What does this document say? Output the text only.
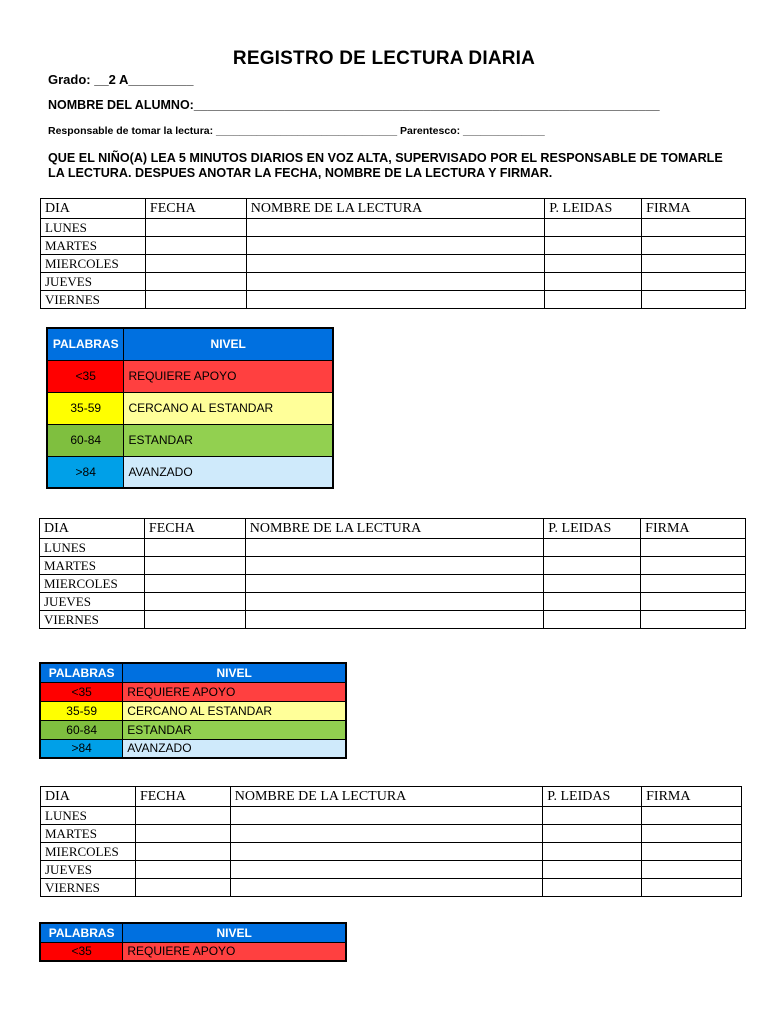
REGISTRO DE LECTURA DIARIA
Grado: __2 A_________
NOMBRE DEL ALUMNO:___________________________________________________________________
Responsable de tomar la lectura: _______________________________ Parentesco: ______________
QUE EL NIÑO(A) LEA 5 MINUTOS DIARIOS EN VOZ ALTA, SUPERVISADO POR EL RESPONSABLE DE TOMARLE LA LECTURA. DESPUES ANOTAR LA FECHA, NOMBRE DE LA LECTURA Y FIRMAR.
DIA	FECHA	NOMBRE DE LA LECTURA	P. LEIDAS	FIRMA
LUNES				
MARTES				
MIERCOLES				
JUEVES				
VIERNES				
PALABRAS	NIVEL
<35	REQUIERE APOYO
35-59	CERCANO AL ESTANDAR
60-84	ESTANDAR
>84	AVANZADO
DIA	FECHA	NOMBRE DE LA LECTURA	P. LEIDAS	FIRMA
LUNES				
MARTES				
MIERCOLES				
JUEVES				
VIERNES				
PALABRAS	NIVEL
<35	REQUIERE APOYO
35-59	CERCANO AL ESTANDAR
60-84	ESTANDAR
>84	AVANZADO
DIA	FECHA	NOMBRE DE LA LECTURA	P. LEIDAS	FIRMA
LUNES				
MARTES				
MIERCOLES				
JUEVES				
VIERNES				
PALABRAS	NIVEL
<35	REQUIERE APOYO
